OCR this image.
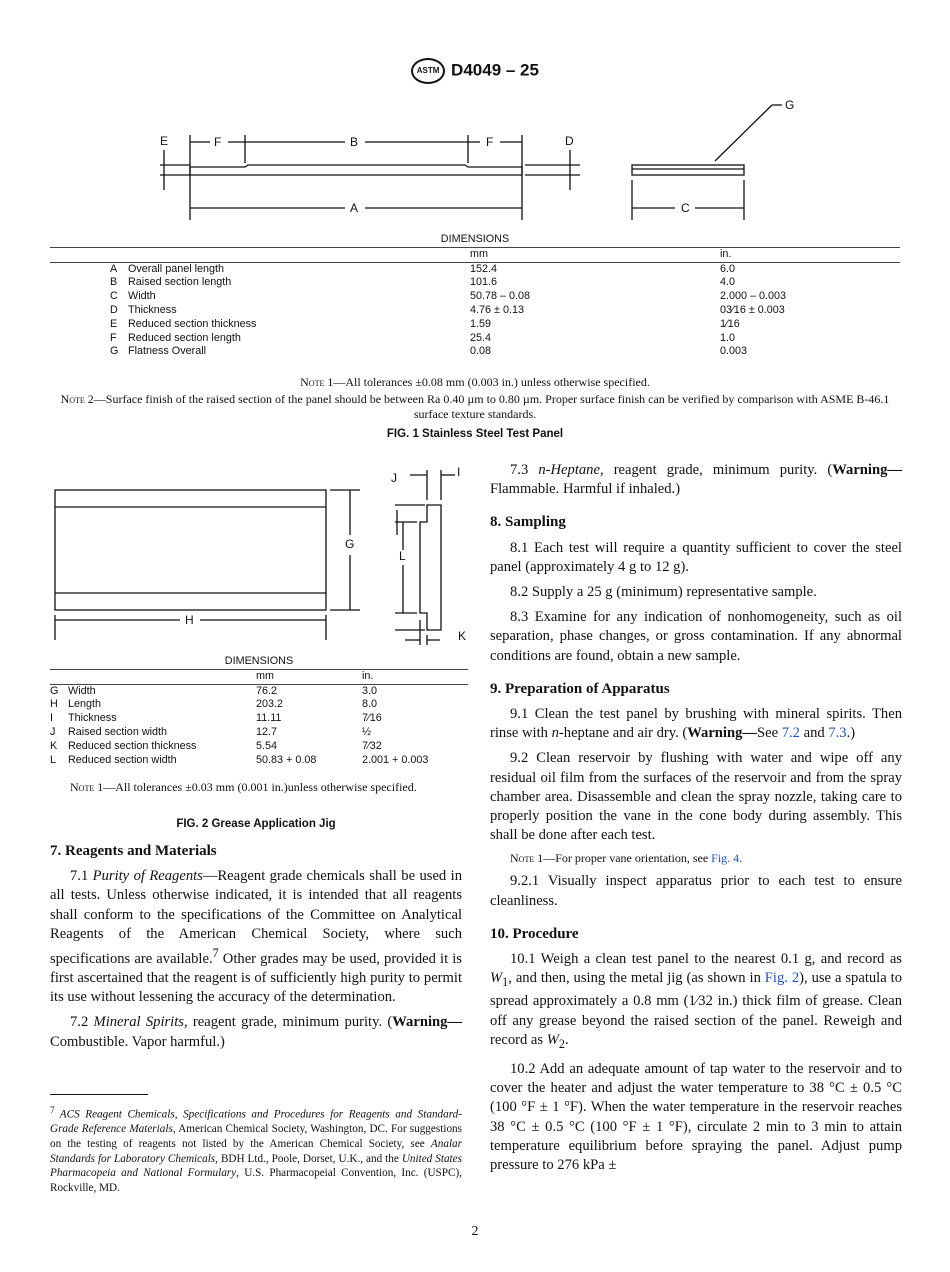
ASTM D4049 – 25
E	F	B	F	D
A
G
C
DIMENSIONS		
	mm	in.
A Overall panel length	152.4	6.0
B Raised section length	101.6	4.0
C Width	50.78 – 0.08	2.000 – 0.003
D Thickness	4.76 ± 0.13	03⁄16 ± 0.003
E Reduced section thickness	1.59	1⁄16
F Reduced section length	25.4	1.0
G Flatness Overall	0.08	0.003
Note 1—All tolerances ±0.08 mm (0.003 in.) unless otherwise specified.
Note 2—Surface finish of the raised section of the panel should be between Ra 0.40 µm to 0.80 µm. Proper surface finish can be verified by comparison with ASME B-46.1 surface texture standards.
FIG. 1 Stainless Steel Test Panel
J	I
G
L
H
K
DIMENSIONS		
	mm	in.
G Width	76.2	3.0
H Length	203.2	8.0
I Thickness	11.11	7⁄16
J Raised section width	12.7	½
K Reduced section thickness	5.54	7⁄32
L Reduced section width	50.83 + 0.08	2.001 + 0.003
Note 1—All tolerances ±0.03 mm (0.001 in.)unless otherwise specified.
FIG. 2 Grease Application Jig
7. Reagents and Materials

7.1 Purity of Reagents—Reagent grade chemicals shall be used in all tests. Unless otherwise indicated, it is intended that all reagents shall conform to the specifications of the Committee on Analytical Reagents of the American Chemical Society, where such specifications are available.$^7$ Other grades may be used, provided it is first ascertained that the reagent is of sufficiently high purity to permit its use without lessening the accuracy of the determination.

7.2 Mineral Spirits, reagent grade, minimum purity. (Warning—Combustible. Vapor harmful.)

$^7$ ACS Reagent Chemicals, Specifications and Procedures for Reagents and Standard-Grade Reference Materials, American Chemical Society, Washington, DC. For suggestions on the testing of reagents not listed by the American Chemical Society, see Analar Standards for Laboratory Chemicals, BDH Ltd., Poole, Dorset, U.K., and the United States Pharmacopeia and National Formulary, U.S. Pharmacopeial Convention, Inc. (USPC), Rockville, MD.

7.3 n-Heptane, reagent grade, minimum purity. (Warning—Flammable. Harmful if inhaled.)

8. Sampling

8.1 Each test will require a quantity sufficient to cover the steel panel (approximately 4 g to 12 g).

8.2 Supply a 25 g (minimum) representative sample.

8.3 Examine for any indication of nonhomogeneity, such as oil separation, phase changes, or gross contamination. If any abnormal conditions are found, obtain a new sample.

9. Preparation of Apparatus

9.1 Clean the test panel by brushing with mineral spirits. Then rinse with n-heptane and air dry. (Warning—See 7.2 and 7.3.)

9.2 Clean reservoir by flushing with water and wipe off any residual oil film from the surfaces of the reservoir and from the spray chamber area. Disassemble and clean the spray nozzle, taking care to properly position the vane in the cone body during assembly. This shall be done after each test.

Note 1—For proper vane orientation, see Fig. 4.

9.2.1 Visually inspect apparatus prior to each test to ensure cleanliness.

10. Procedure

10.1 Weigh a clean test panel to the nearest 0.1 g, and record as $W_1$, and then, using the metal jig (as shown in Fig. 2), use a spatula to spread approximately a 0.8 mm (1⁄32 in.) thick film of grease. Clean off any grease beyond the raised section of the panel. Reweigh and record as $W_2$.

10.2 Add an adequate amount of tap water to the reservoir and to cover the heater and adjust the water temperature to 38 °C ± 0.5 °C (100 °F ± 1 °F). When the water temperature in the reservoir reaches 38 °C ± 0.5 °C (100 °F ± 1 °F), circulate 2 min to 3 min to attain temperature equilibrium before spraying the panel. Adjust pump pressure to 276 kPa ±

2
